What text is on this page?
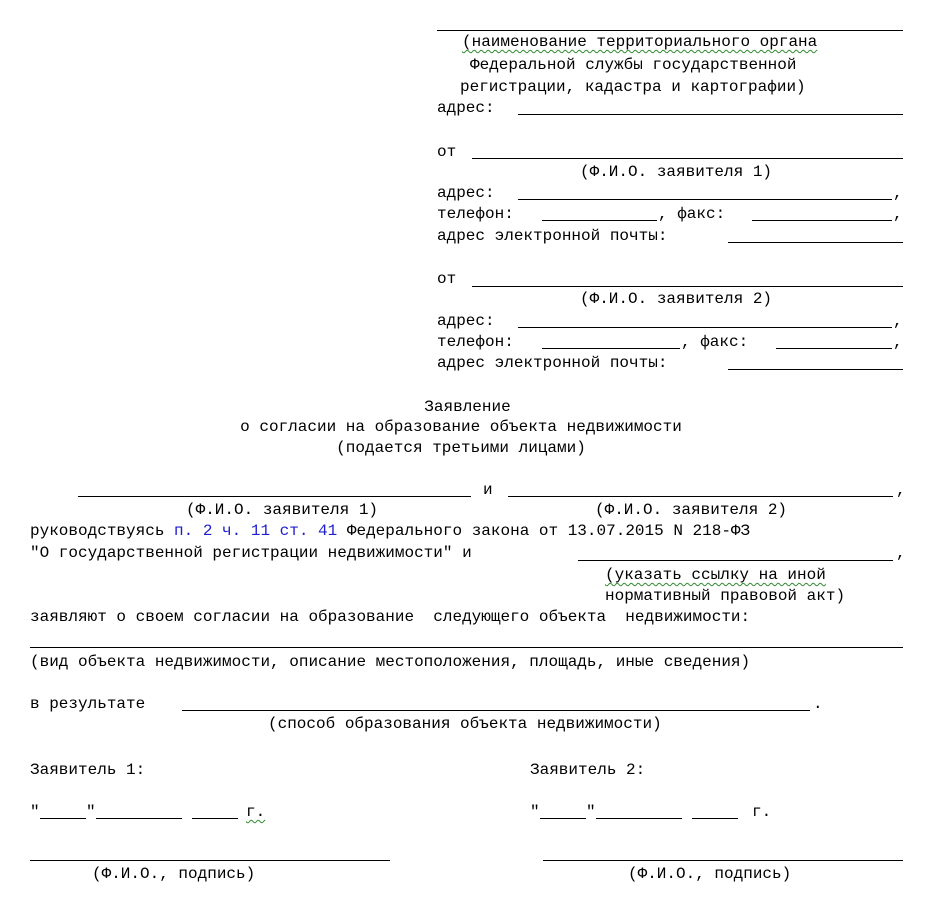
(наименование территориального органа
Федеральной службы государственной
регистрации, кадастра и картографии)
адрес:
от
(Ф.И.О. заявителя 1)
адрес:	,
телефон:	, факс:	,
адрес электронной почты:
от
(Ф.И.О. заявителя 2)
адрес:	,
телефон:	, факс:	,
адрес электронной почты:
Заявление
о согласии на образование объекта недвижимости
(подается третьими лицами)
и	,
(Ф.И.О. заявителя 1)	(Ф.И.О. заявителя 2)
руководствуясь п. 2 ч. 11 ст. 41 Федерального закона от 13.07.2015 N 218-ФЗ
"О государственной регистрации недвижимости" и	,
(указать ссылку на иной
нормативный правовой акт)
заявляют о своем согласии на образование  следующего объекта  недвижимости:
(вид объекта недвижимости, описание местоположения, площадь, иные сведения)
в результате	.
(способ образования объекта недвижимости)
Заявитель 1:	Заявитель 2:
"	"	г.	"	"	г.
(Ф.И.О., подпись)	(Ф.И.О., подпись)
